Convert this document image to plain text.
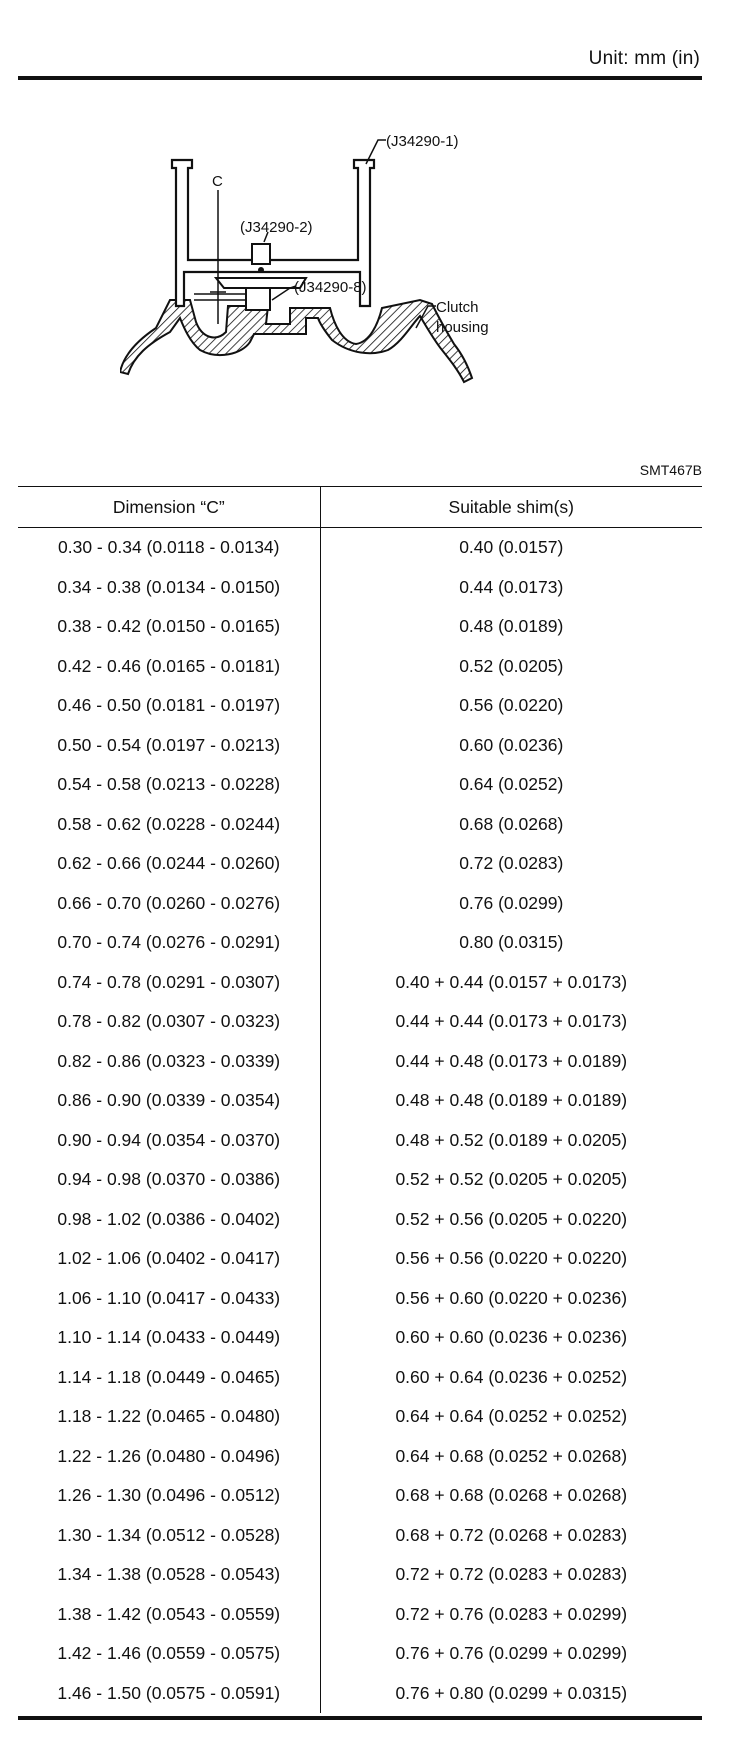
Unit: mm (in)
(J34290-1)
C
(J34290-2)
(J34290-8)
Clutch
housing
SMT467B
Dimension “C”	Suitable shim(s)
0.30 - 0.34 (0.0118 - 0.0134)	0.40 (0.0157)
0.34 - 0.38 (0.0134 - 0.0150)	0.44 (0.0173)
0.38 - 0.42 (0.0150 - 0.0165)	0.48 (0.0189)
0.42 - 0.46 (0.0165 - 0.0181)	0.52 (0.0205)
0.46 - 0.50 (0.0181 - 0.0197)	0.56 (0.0220)
0.50 - 0.54 (0.0197 - 0.0213)	0.60 (0.0236)
0.54 - 0.58 (0.0213 - 0.0228)	0.64 (0.0252)
0.58 - 0.62 (0.0228 - 0.0244)	0.68 (0.0268)
0.62 - 0.66 (0.0244 - 0.0260)	0.72 (0.0283)
0.66 - 0.70 (0.0260 - 0.0276)	0.76 (0.0299)
0.70 - 0.74 (0.0276 - 0.0291)	0.80 (0.0315)
0.74 - 0.78 (0.0291 - 0.0307)	0.40 + 0.44 (0.0157 + 0.0173)
0.78 - 0.82 (0.0307 - 0.0323)	0.44 + 0.44 (0.0173 + 0.0173)
0.82 - 0.86 (0.0323 - 0.0339)	0.44 + 0.48 (0.0173 + 0.0189)
0.86 - 0.90 (0.0339 - 0.0354)	0.48 + 0.48 (0.0189 + 0.0189)
0.90 - 0.94 (0.0354 - 0.0370)	0.48 + 0.52 (0.0189 + 0.0205)
0.94 - 0.98 (0.0370 - 0.0386)	0.52 + 0.52 (0.0205 + 0.0205)
0.98 - 1.02 (0.0386 - 0.0402)	0.52 + 0.56 (0.0205 + 0.0220)
1.02 - 1.06 (0.0402 - 0.0417)	0.56 + 0.56 (0.0220 + 0.0220)
1.06 - 1.10 (0.0417 - 0.0433)	0.56 + 0.60 (0.0220 + 0.0236)
1.10 - 1.14 (0.0433 - 0.0449)	0.60 + 0.60 (0.0236 + 0.0236)
1.14 - 1.18 (0.0449 - 0.0465)	0.60 + 0.64 (0.0236 + 0.0252)
1.18 - 1.22 (0.0465 - 0.0480)	0.64 + 0.64 (0.0252 + 0.0252)
1.22 - 1.26 (0.0480 - 0.0496)	0.64 + 0.68 (0.0252 + 0.0268)
1.26 - 1.30 (0.0496 - 0.0512)	0.68 + 0.68 (0.0268 + 0.0268)
1.30 - 1.34 (0.0512 - 0.0528)	0.68 + 0.72 (0.0268 + 0.0283)
1.34 - 1.38 (0.0528 - 0.0543)	0.72 + 0.72 (0.0283 + 0.0283)
1.38 - 1.42 (0.0543 - 0.0559)	0.72 + 0.76 (0.0283 + 0.0299)
1.42 - 1.46 (0.0559 - 0.0575)	0.76 + 0.76 (0.0299 + 0.0299)
1.46 - 1.50 (0.0575 - 0.0591)	0.76 + 0.80 (0.0299 + 0.0315)
